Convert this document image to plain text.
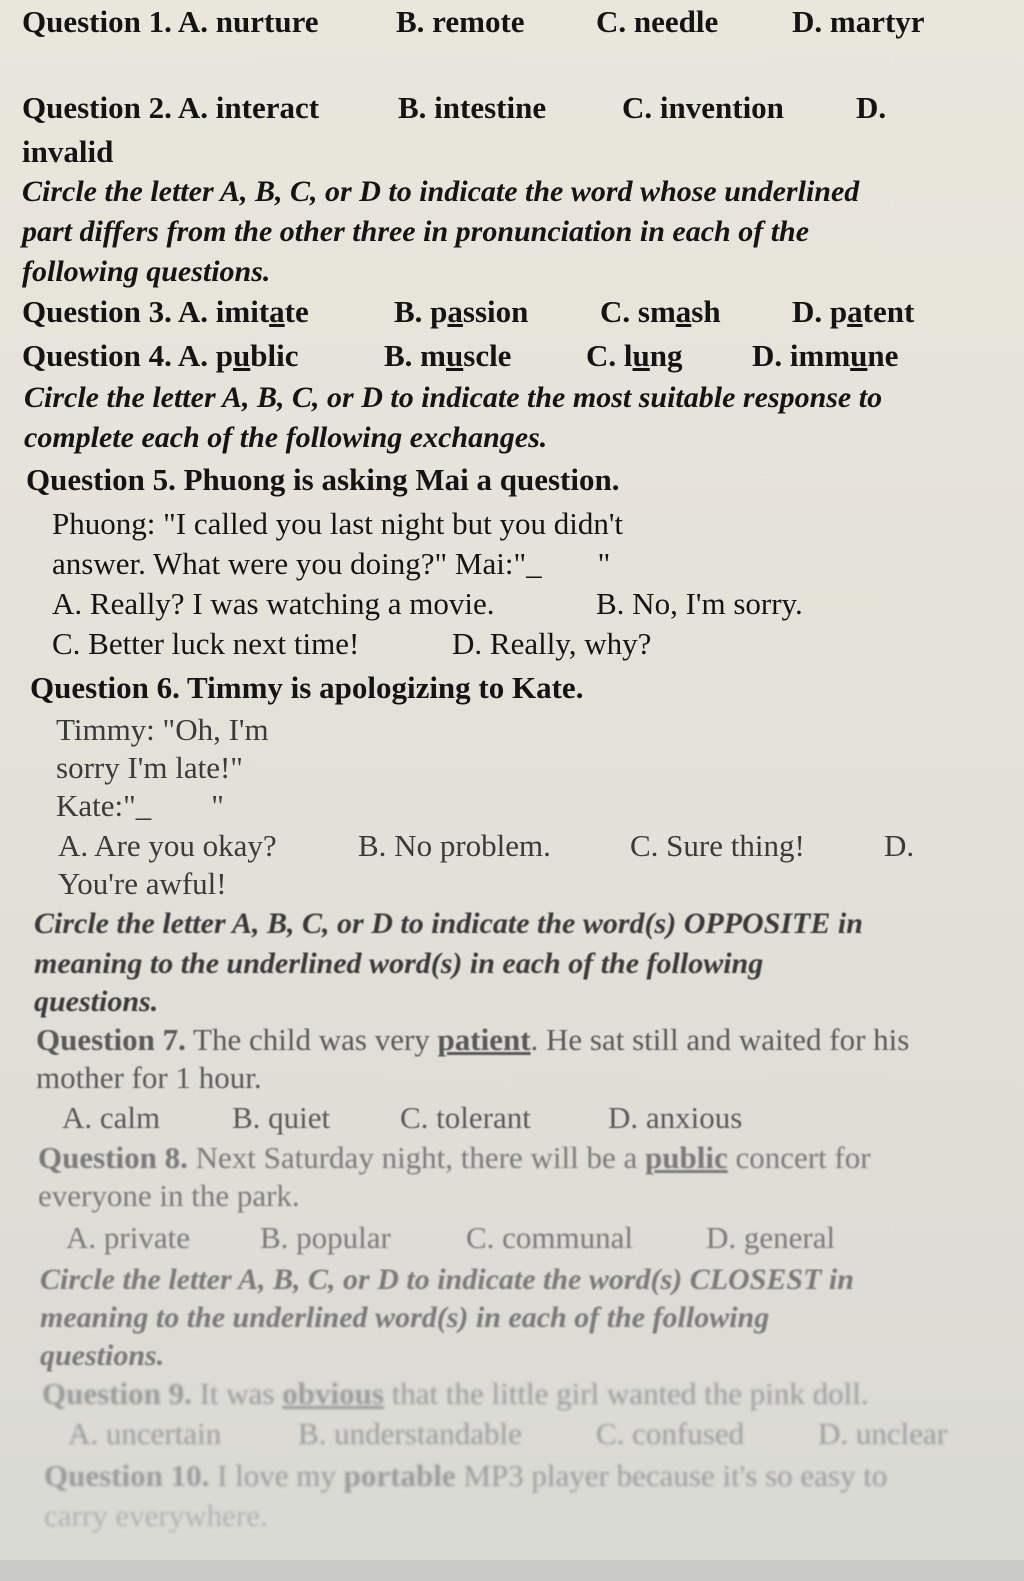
Question 1. A. nurture B. remote C. needle D. martyr
Question 2. A. interact	B. intestine C. invention D.
invalid
Circle the letter A, B, C, or D to indicate the word whose underlined
part differs from the other three in pronunciation in each of the
following questions.
Question 3. A. imitate	B. passion C. smash D. patent
Question 4. A. public	B. muscle C. lung D. immune
Circle the letter A, B, C, or D to indicate the most suitable response to
complete each of the following exchanges.
Question 5. Phuong is asking Mai a question.
Phuong: "I called you last night but you didn't
answer. What were you doing?" Mai:"_ "
A. Really? I was watching a movie.	B. No, I'm sorry.
C. Better luck next time!	D. Really, why?
Question 6. Timmy is apologizing to Kate.
Timmy: "Oh, I'm
sorry I'm late!"
Kate:"_ "
A. Are you okay?	B. No problem.	C. Sure thing!	D.
You're awful!
Circle the letter A, B, C, or D to indicate the word(s) OPPOSITE in
meaning to the underlined word(s) in each of the following
questions.
Question 7. The child was very patient. He sat still and waited for his
mother for 1 hour.
A. calm B. quiet C. tolerant D. anxious
Question 8. Next Saturday night, there will be a public concert for
everyone in the park.
A. private B. popular C. communal D. general
Circle the letter A, B, C, or D to indicate the word(s) CLOSEST in
meaning to the underlined word(s) in each of the following
questions.
Question 9. It was obvious that the little girl wanted the pink doll.
A. uncertain B. understandable C. confused D. unclear
Question 10. I love my portable MP3 player because it's so easy to
carry everywhere.
